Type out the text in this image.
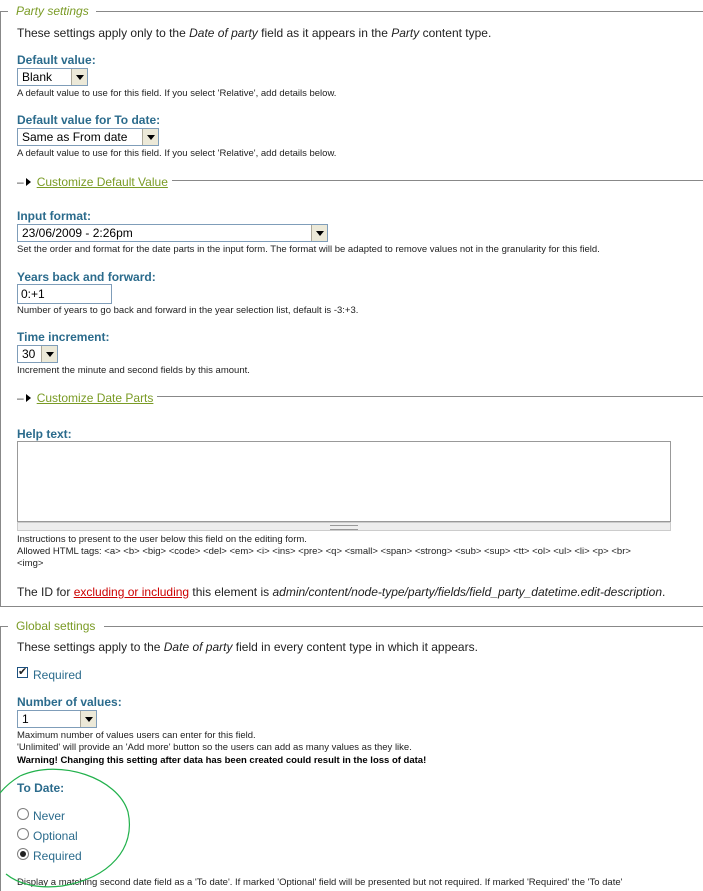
Party settings
These settings apply only to the Date of party field as it appears in the Party content type.
Default value:
Blank
A default value to use for this field. If you select 'Relative', add details below.
Default value for To date:
Same as From date
A default value to use for this field. If you select 'Relative', add details below.
– Customize Default Value
Input format:
23/06/2009 - 2:26pm
Set the order and format for the date parts in the input form. The format will be adapted to remove values not in the granularity for this field.
Years back and forward:
0:+1
Number of years to go back and forward in the year selection list, default is -3:+3.
Time increment:
30
Increment the minute and second fields by this amount.
– Customize Date Parts
Help text:
Instructions to present to the user below this field on the editing form.
Allowed HTML tags: <a> <b> <big> <code> <del> <em> <i> <ins> <pre> <q> <small> <span> <strong> <sub> <sup> <tt> <ol> <ul> <li> <p> <br>
<img>
The ID for excluding or including this element is admin/content/node-type/party/fields/field_party_datetime.edit-description.
Global settings
These settings apply to the Date of party field in every content type in which it appears.
✔ Required
Number of values:
1
Maximum number of values users can enter for this field.
'Unlimited' will provide an 'Add more' button so the users can add as many values as they like.
Warning! Changing this setting after data has been created could result in the loss of data!
To Date:
Never
Optional
Required
Display a matching second date field as a 'To date'. If marked 'Optional' field will be presented but not required. If marked 'Required' the 'To date'
